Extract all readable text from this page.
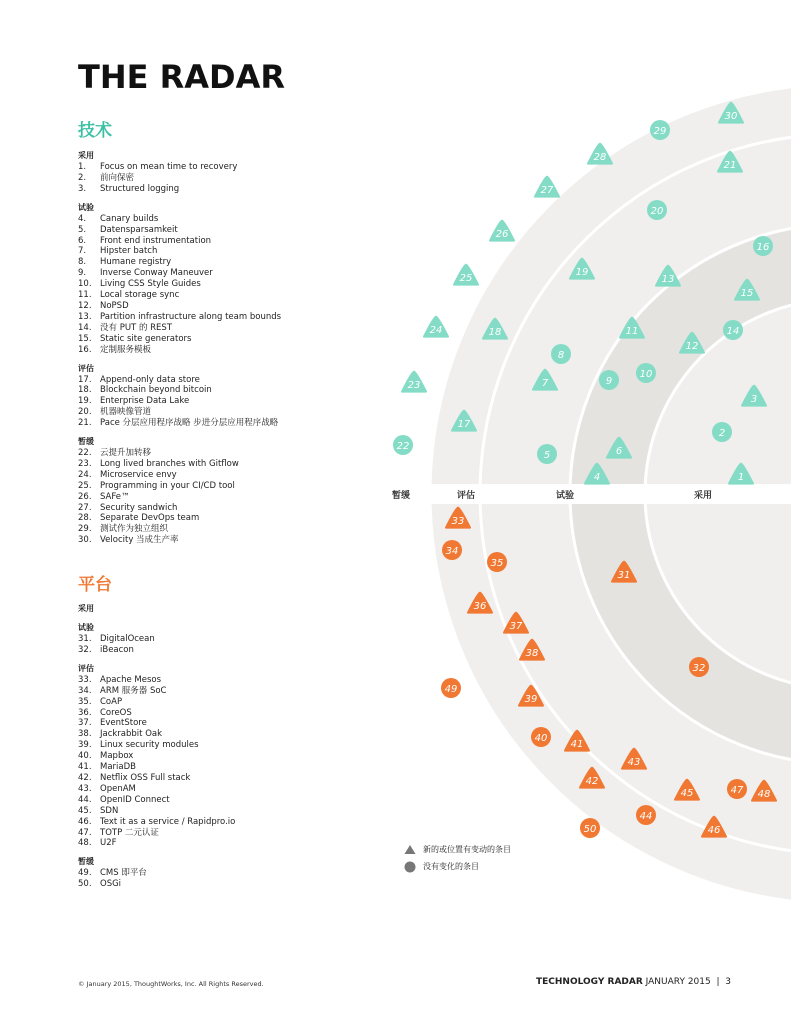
暂缓	评估	试验	采用
1
2
3
4
5	6
7
8
9
10
11
12
13
14
15
16
17
18
19
20
21
22
23
24
25
26
27
28
29
30
31
32
33
34
35
36
37
38
39
40
41
42
43
44
45
46
47 48
49
50
THE RADAR
技术
采用
1. Focus on mean time to recovery
2. 前向保密
3. Structured logging
试验
4. Canary builds
5. Datensparsamkeit
6. Front end instrumentation
7. Hipster batch
8. Humane registry
9. Inverse Conway Maneuver
10. Living CSS Style Guides
11. Local storage sync
12. NoPSD
13. Partition infrastructure along team bounds
14. 没有 PUT 的 REST
15. Static site generators
16. 定制服务模板
评估
17. Append-only data store
18. Blockchain beyond bitcoin
19. Enterprise Data Lake
20. 机器映像管道
21. Pace 分层应用程序战略 步进分层应用程序战略
暂缓
22. 云提升加转移
23. Long lived branches with Gitflow
24. Microservice envy
25. Programming in your CI/CD tool
26. SAFe™
27. Security sandwich
28. Separate DevOps team
29. 测试作为独立组织
30. Velocity 当成生产率
平台
采用
试验
31. DigitalOcean
32. iBeacon
评估
33. Apache Mesos
34. ARM 服务器 SoC
35. CoAP
36. CoreOS
37. EventStore
38. Jackrabbit Oak
39. Linux security modules
40. Mapbox
41. MariaDB
42. Netflix OSS Full stack
43. OpenAM
44. OpenID Connect
45. SDN
46. Text it as a service / Rapidpro.io
47. TOTP 二元认证
48. U2F
暂缓
49. CMS 即平台
50. OSGi
新的或位置有变动的条目
没有变化的条目
© January 2015, ThoughtWorks, Inc. All Rights Reserved.	TECHNOLOGY RADAR JANUARY 2015  |  3
